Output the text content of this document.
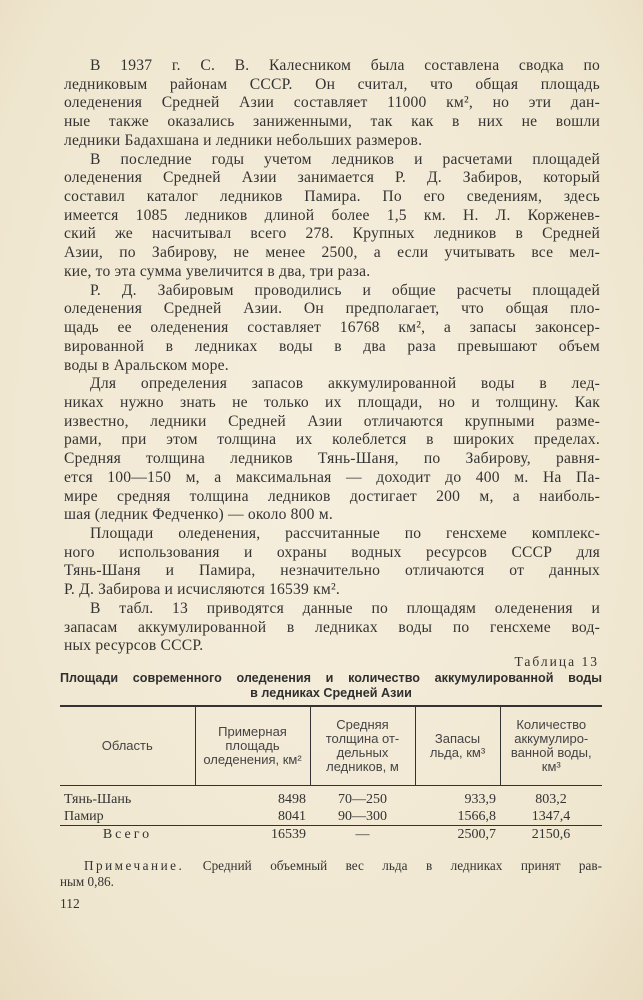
В 1937 г. С. В. Калесником была составлена сводка по
ледниковым районам СССР. Он считал, что общая площадь
оледенения Средней Азии составляет 11000 км², но эти дан-
ные также оказались заниженными, так как в них не вошли
ледники Бадахшана и ледники небольших размеров.
В последние годы учетом ледников и расчетами площадей
оледенения Средней Азии занимается Р. Д. Забиров, который
составил каталог ледников Памира. По его сведениям, здесь
имеется 1085 ледников длиной более 1,5 км. Н. Л. Корженев-
ский же насчитывал всего 278. Крупных ледников в Средней
Азии, по Забирову, не менее 2500, а если учитывать все мел-
кие, то эта сумма увеличится в два, три раза.
Р. Д. Забировым проводились и общие расчеты площадей
оледенения Средней Азии. Он предполагает, что общая пло-
щадь ее оледенения составляет 16768 км², а запасы законсер-
вированной в ледниках воды в два раза превышают объем
воды в Аральском море.
Для определения запасов аккумулированной воды в лед-
никах нужно знать не только их площади, но и толщину. Как
известно, ледники Средней Азии отличаются крупными разме-
рами, при этом толщина их колеблется в широких пределах.
Средняя толщина ледников Тянь-Шаня, по Забирову, равня-
ется 100—150 м, а максимальная — доходит до 400 м. На Па-
мире средняя толщина ледников достигает 200 м, а наиболь-
шая (ледник Федченко) — около 800 м.
Площади оледенения, рассчитанные по генсхеме комплекс-
ного использования и охраны водных ресурсов СССР для
Тянь-Шаня и Памира, незначительно отличаются от данных
Р. Д. Забирова и исчисляются 16539 км².
В табл. 13 приводятся данные по площадям оледенения и
запасам аккумулированной в ледниках воды по генсхеме вод-
ных ресурсов СССР.
Таблица 13
Площади современного оледенения и количество аккумулированной воды
в ледниках Средней Азии
Область	Примерная площадь оледенения, км²	Средняя толщина от-дельных ледников, м	Запасы льда, км³	Количество аккумулиро-ванной воды, км³
Тянь-Шань	8498	70—250	933,9	803,2
Памир	8041	90—300	1566,8	1347,4
Всего	16539	—	2500,7	2150,6
Примечание. Средний объемный вес льда в ледниках принят рав-
ным 0,86.
112
